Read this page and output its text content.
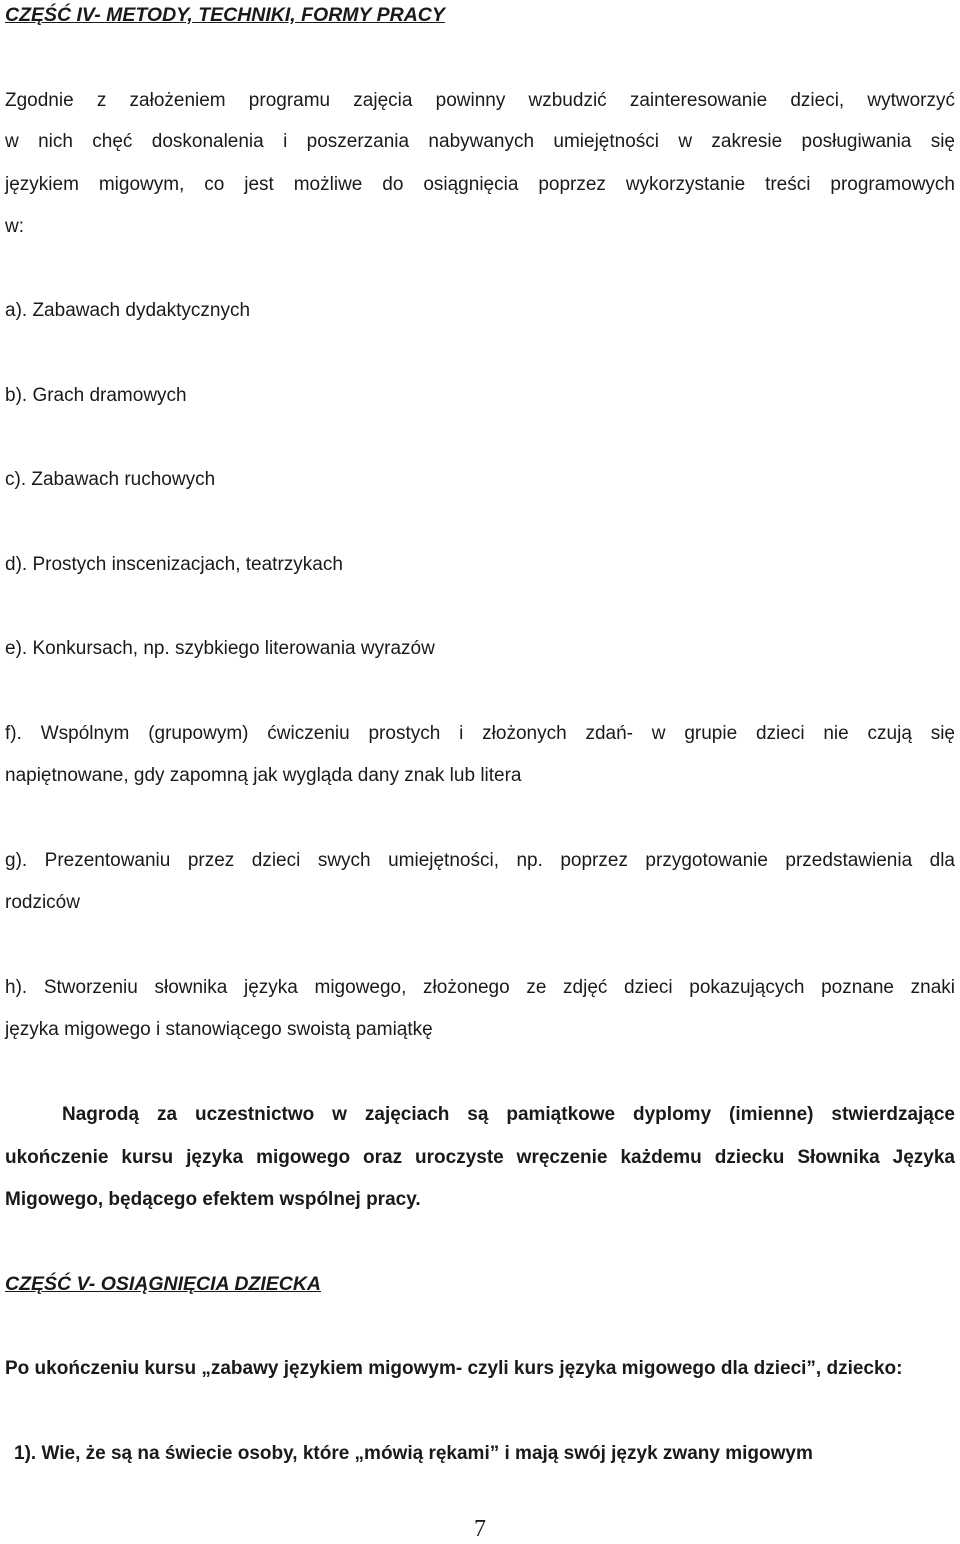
CZĘŚĆ IV- METODY, TECHNIKI, FORMY PRACY
Zgodnie z założeniem programu zajęcia powinny wzbudzić zainteresowanie dzieci, wytworzyć
w nich chęć doskonalenia i poszerzania nabywanych umiejętności w zakresie posługiwania się
językiem migowym, co jest możliwe do osiągnięcia poprzez wykorzystanie treści programowych
w:
a). Zabawach dydaktycznych
b). Grach dramowych
c). Zabawach ruchowych
d). Prostych inscenizacjach, teatrzykach
e). Konkursach, np. szybkiego literowania wyrazów
f). Wspólnym (grupowym) ćwiczeniu prostych i złożonych zdań- w grupie dzieci nie czują się
napiętnowane, gdy zapomną jak wygląda dany znak lub litera
g). Prezentowaniu przez dzieci swych umiejętności, np. poprzez przygotowanie przedstawienia dla
rodziców
h). Stworzeniu słownika języka migowego, złożonego ze zdjęć dzieci pokazujących poznane znaki
języka migowego i stanowiącego swoistą pamiątkę
Nagrodą za uczestnictwo w zajęciach są pamiątkowe dyplomy (imienne) stwierdzające
ukończenie kursu języka migowego oraz uroczyste wręczenie każdemu dziecku Słownika Języka
Migowego, będącego efektem wspólnej pracy.
CZĘŚĆ V- OSIĄGNIĘCIA DZIECKA
Po ukończeniu kursu „zabawy językiem migowym- czyli kurs języka migowego dla dzieci”, dziecko:
1). Wie, że są na świecie osoby, które „mówią rękami” i mają swój język zwany migowym
7
